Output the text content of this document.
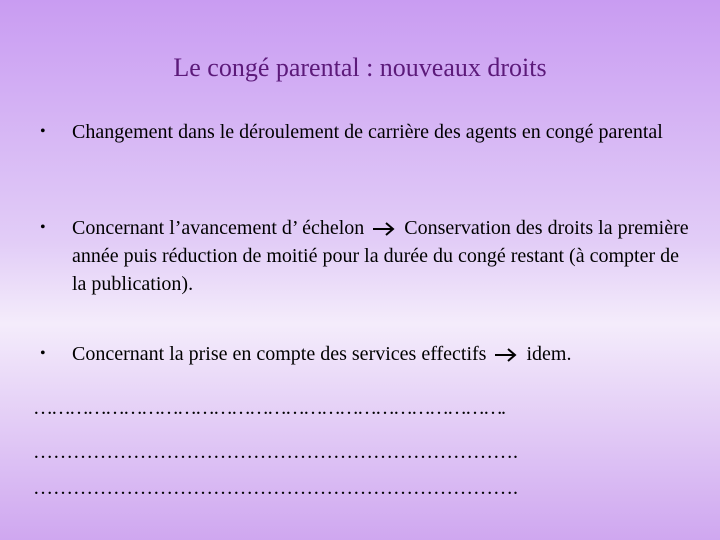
Le congé parental : nouveaux droits
• Changement dans le déroulement de carrière des agents en congé parental
• Concernant l’avancement d’ échelon Conservation des droits la première année puis réduction de moitié pour la durée du congé restant (à compter de la publication).
• Concernant la prise en compte des services effectifs idem.
…………………………………………………………………….
……………………………………………………………….
……………………………………………………………….
